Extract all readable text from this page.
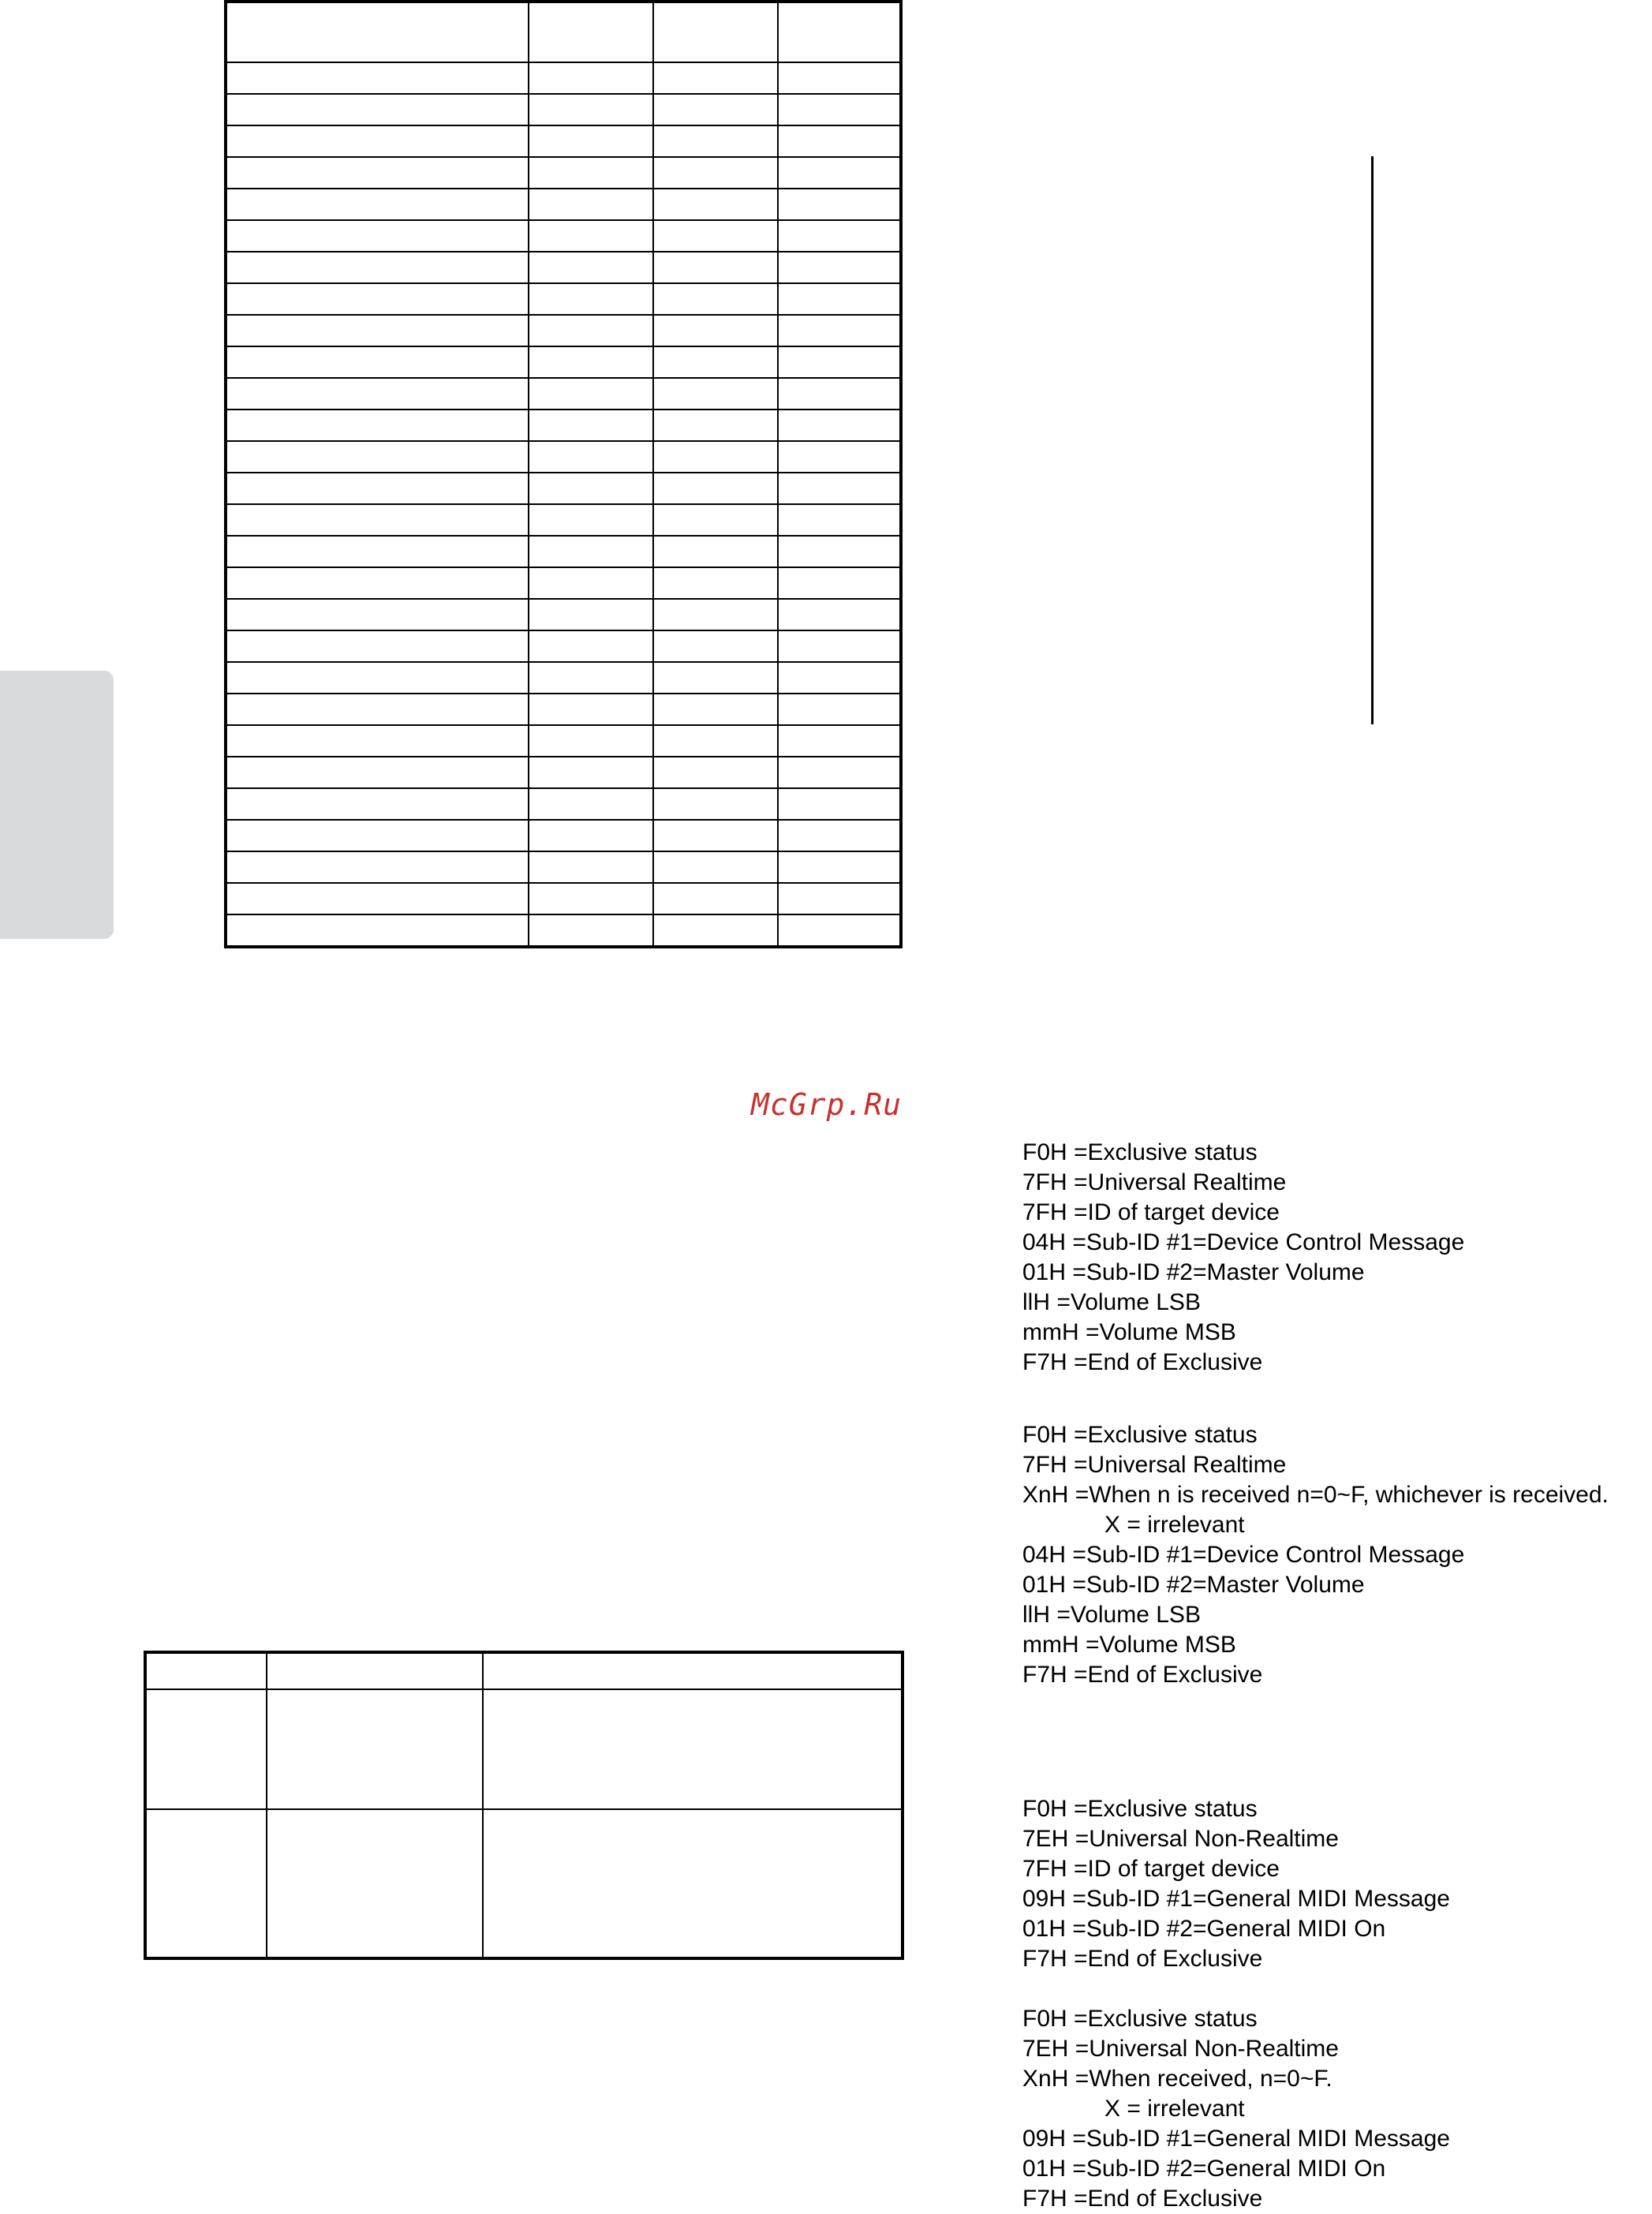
McGrp.Ru

F0H =Exclusive status
7FH =Universal Realtime
7FH =ID of target device
04H =Sub-ID #1=Device Control Message
01H =Sub-ID #2=Master Volume
llH =Volume LSB
mmH =Volume MSB
F7H =End of Exclusive
F0H =Exclusive status
7FH =Universal Realtime
XnH =When n is received n=0~F, whichever is received.
X = irrelevant
04H =Sub-ID #1=Device Control Message
01H =Sub-ID #2=Master Volume
llH =Volume LSB
mmH =Volume MSB
F7H =End of Exclusive
F0H =Exclusive status
7EH =Universal Non-Realtime
7FH =ID of target device
09H =Sub-ID #1=General MIDI Message
01H =Sub-ID #2=General MIDI On
F7H =End of Exclusive
F0H =Exclusive status
7EH =Universal Non-Realtime
XnH =When received, n=0~F.
X = irrelevant
09H =Sub-ID #1=General MIDI Message
01H =Sub-ID #2=General MIDI On
F7H =End of Exclusive
